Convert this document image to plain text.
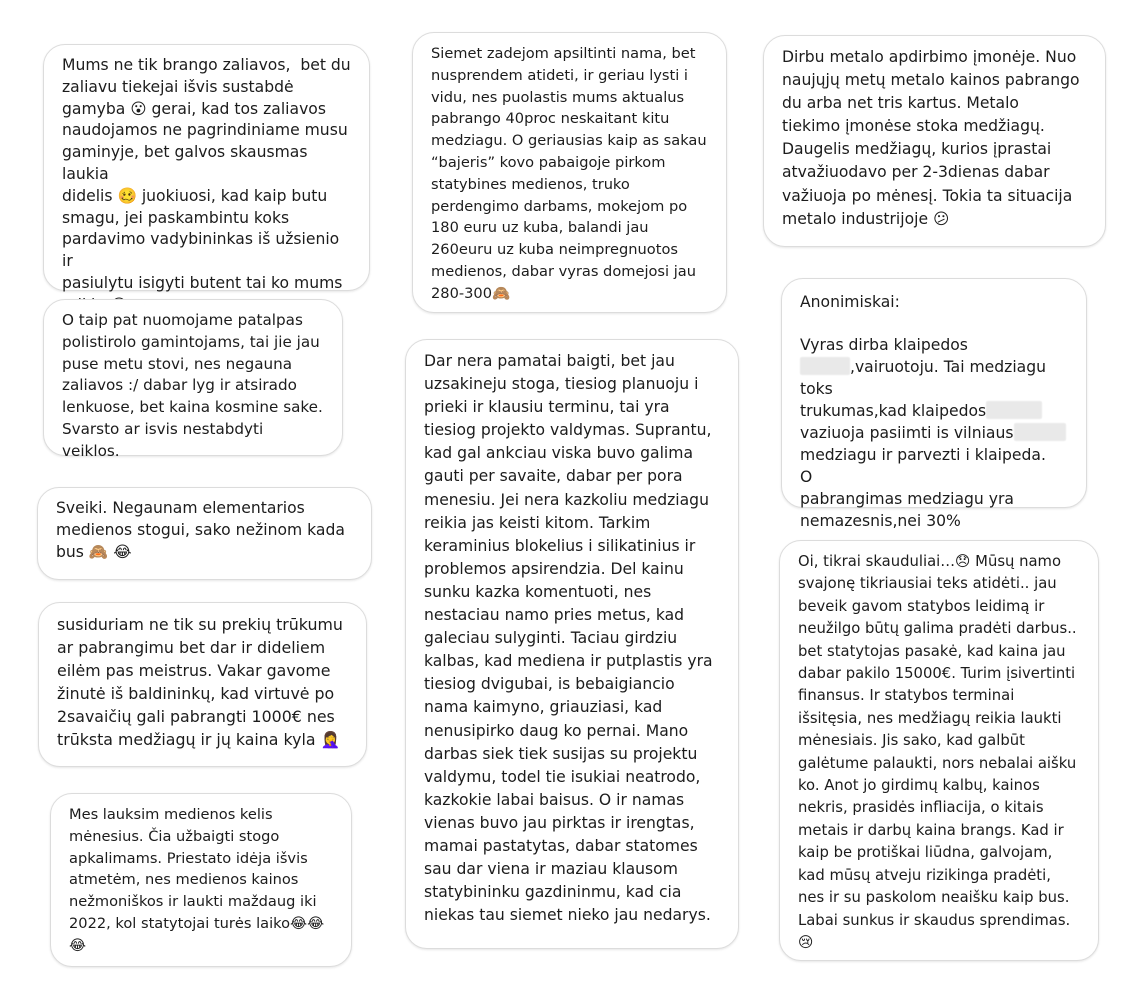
Mums ne tik brango zaliavos,  bet du
zaliavu tiekejai išvis sustabdė
gamyba 😮 gerai, kad tos zaliavos
naudojamos ne pagrindiniame musu
gaminyje, bet galvos skausmas laukia
didelis 🥴 juokiuosi, kad kaip butu
smagu, jei paskambintu koks
pardavimo vadybininkas iš užsienio ir
pasiulytu isigyti butent tai ko mums

O taip pat nuomojame patalpas
polistirolo gamintojams, tai jie jau
puse metu stovi, nes negauna
zaliavos :/ dabar lyg ir atsirado
lenkuose, bet kaina kosmine sake.
Svarsto ar isvis nestabdyti veiklos.

Sveiki. Negaunam elementarios
medienos stogui, sako nežinom kada
bus 🙈 😂

susiduriam ne tik su prekių trūkumu
ar pabrangimu bet dar ir dideliem
eilėm pas meistrus. Vakar gavome
žinutė iš baldininkų, kad virtuvė po
2savaičių gali pabrangti 1000€ nes
trūksta medžiagų ir jų kaina kyla 🤦‍♀️

Mes lauksim medienos kelis
mėnesius. Čia užbaigti stogo
apkalimams. Priestato idėja išvis
atmetėm, nes medienos kainos
nežmoniškos ir laukti maždaug iki
2022, kol statytojai turės laiko😂😂
😂

Siemet zadejom apsiltinti nama, bet
nusprendem atideti, ir geriau lysti i
vidu, nes puolastis mums aktualus
pabrango 40proc neskaitant kitu
medziagu. O geriausias kaip as sakau
“bajeris” kovo pabaigoje pirkom
statybines medienos, truko
perdengimo darbams, mokejom po
180 euru uz kuba, balandi jau
260euru uz kuba neimpregnuotos
medienos, dabar vyras domejosi jau
280-300🙈

Dar nera pamatai baigti, bet jau
uzsakineju stoga, tiesiog planuoju i
prieki ir klausiu terminu, tai yra
tiesiog projekto valdymas. Suprantu,
kad gal ankciau viska buvo galima
gauti per savaite, dabar per pora
menesiu. Jei nera kazkoliu medziagu
reikia jas keisti kitom. Tarkim
keraminius blokelius i silikatinius ir
problemos apsirendzia. Del kainu
sunku kazka komentuoti, nes
nestaciau namo pries metus, kad
galeciau sulyginti. Taciau girdziu
kalbas, kad mediena ir putplastis yra
tiesiog dvigubai, is bebaigiancio
nama kaimyno, griauziasi, kad
nenusipirko daug ko pernai. Mano
darbas siek tiek susijas su projektu
valdymu, todel tie isukiai neatrodo,
kazkokie labai baisus. O ir namas
vienas buvo jau pirktas ir irengtas,
mamai pastatytas, dabar statomes
sau dar viena ir maziau klausom
statybininku gazdininmu, kad cia
niekas tau siemet nieko jau nedarys.

Dirbu metalo apdirbimo įmonėje. Nuo
naujųjų metų metalo kainos pabrango
du arba net tris kartus. Metalo
tiekimo įmonėse stoka medžiagų.
Daugelis medžiagų, kurios įprastai
atvažiuodavo per 2-3dienas dabar
važiuoja po mėnesį. Tokia ta situacija
metalo industrijoje 😕

Anonimiskai:

Vyras dirba klaipedos

,vairuotoju. Tai medziagu toks

trukumas,kad klaipedos

vaziuoja pasiimti is vilniaus

medziagu ir parvezti i klaipeda.  O

pabrangimas medziagu yra

nemazesnis,nei 30%

Oi, tikrai skauduliai…😞 Mūsų namo
svajonę tikriausiai teks atidėti.. jau
beveik gavom statybos leidimą ir
neužilgo būtų galima pradėti darbus..
bet statytojas pasakė, kad kaina jau
dabar pakilo 15000€. Turim įsivertinti
finansus. Ir statybos terminai
išsitęsia, nes medžiagų reikia laukti
mėnesiais. Jis sako, kad galbūt
galėtume palaukti, nors nebalai aišku
ko. Anot jo girdimų kalbų, kainos
nekris, prasidės infliacija, o kitais
metais ir darbų kaina brangs. Kad ir
kaip be protiškai liūdna, galvojam,
kad mūsų atveju rizikinga pradėti,
nes ir su paskolom neaišku kaip bus.
Labai sunkus ir skaudus sprendimas.
😢
